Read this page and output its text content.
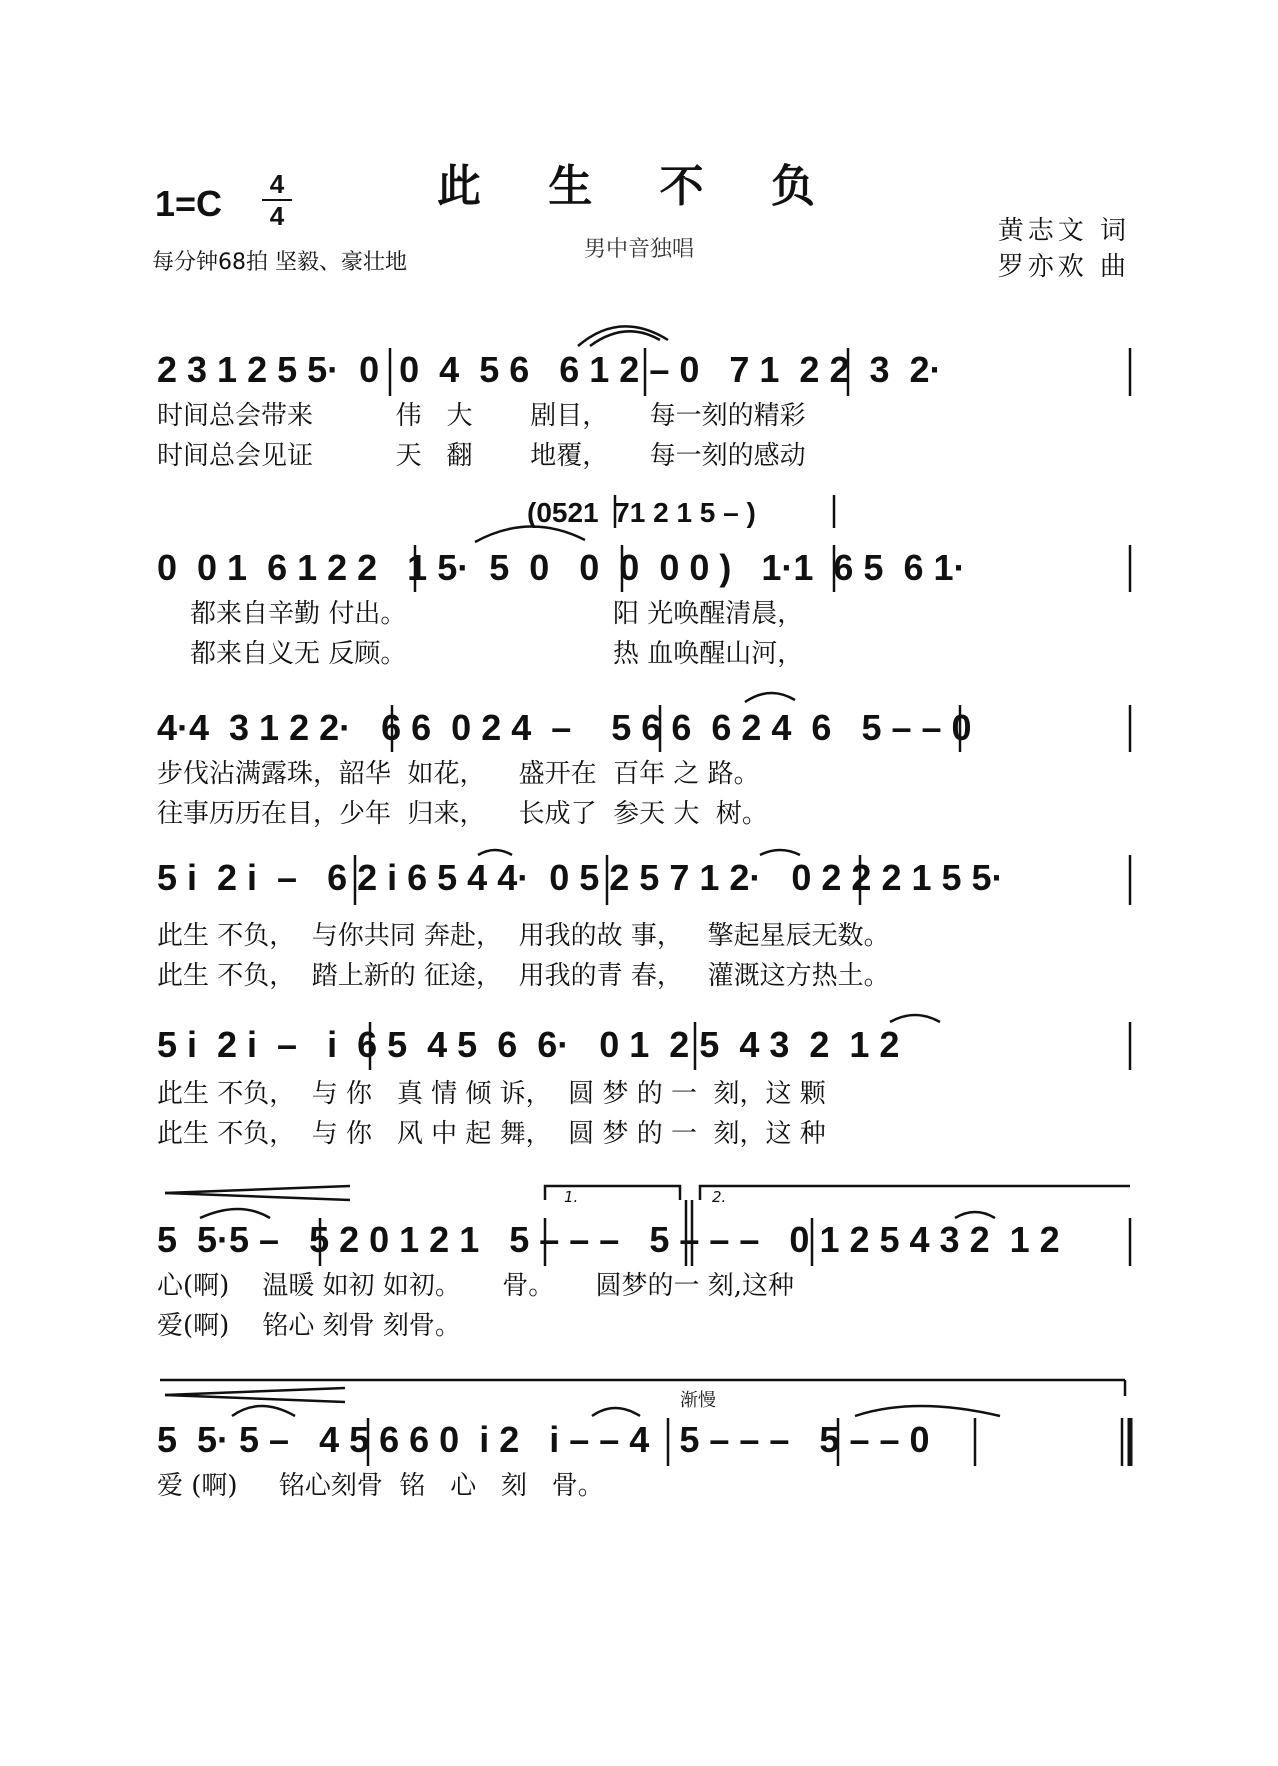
此 生 不 负
男中音独唱
1=C 4
4
每分钟68拍 坚毅、豪壮地
黄志文 词
罗亦欢 曲
2 3 1 2 5 5·  0  0  4  5 6   6 1 2 – 0   7 1  2 2  3  2·
时间总会带来          伟   大       剧目，     每一刻的精彩
时间总会见证          天   翻       地覆，     每一刻的感动
(0521  71 2 1 5 – )
0  0 1  6 1 2 2   1 5·  5  0   0  0  0 0 )   1·1  6 5  6 1·
都来自辛勤 付出。                         阳 光唤醒清晨，
都来自义无 反顾。                         热 血唤醒山河，
4·4  3 1 2 2·   6 6  0 2 4  –    5 6 6  6 2 4  6   5 – – 0
步伐沾满露珠，韶华  如花，    盛开在  百年 之 路。
往事历历在目，少年  归来，    长成了  参天 大  树。
5 i  2 i  –   6 2 i 6 5 4 4·  0 5 2 5 7 1 2·   0 2 2 2 1 5 5·
此生 不负，  与你共同 奔赴，  用我的故 事，   擎起星辰无数。
此生 不负，  踏上新的 征途，  用我的青 春，   灌溉这方热土。
5 i  2 i  –   i  6 5  4 5  6  6·   0 1  2 5  4 3  2  1 2
此生 不负，  与 你   真 情 倾 诉，  圆 梦 的 一  刻，这 颗
此生 不负，  与 你   风 中 起 舞，  圆 梦 的 一  刻，这 种
1.	2.
5  5·5 –   5 2 0 1 2 1   5 – – –   5 – – –   0 1 2 5 4 3 2  1 2
心(啊)    温暖 如初 如初。     骨。     圆梦的一 刻,这种
爱(啊)    铭心 刻骨 刻骨。
渐慢
5  5· 5 –   4 5 6 6 0  i 2   i – – 4   5 – – –   5 – – 0
爱 (啊)     铭心刻骨  铭   心   刻   骨。
